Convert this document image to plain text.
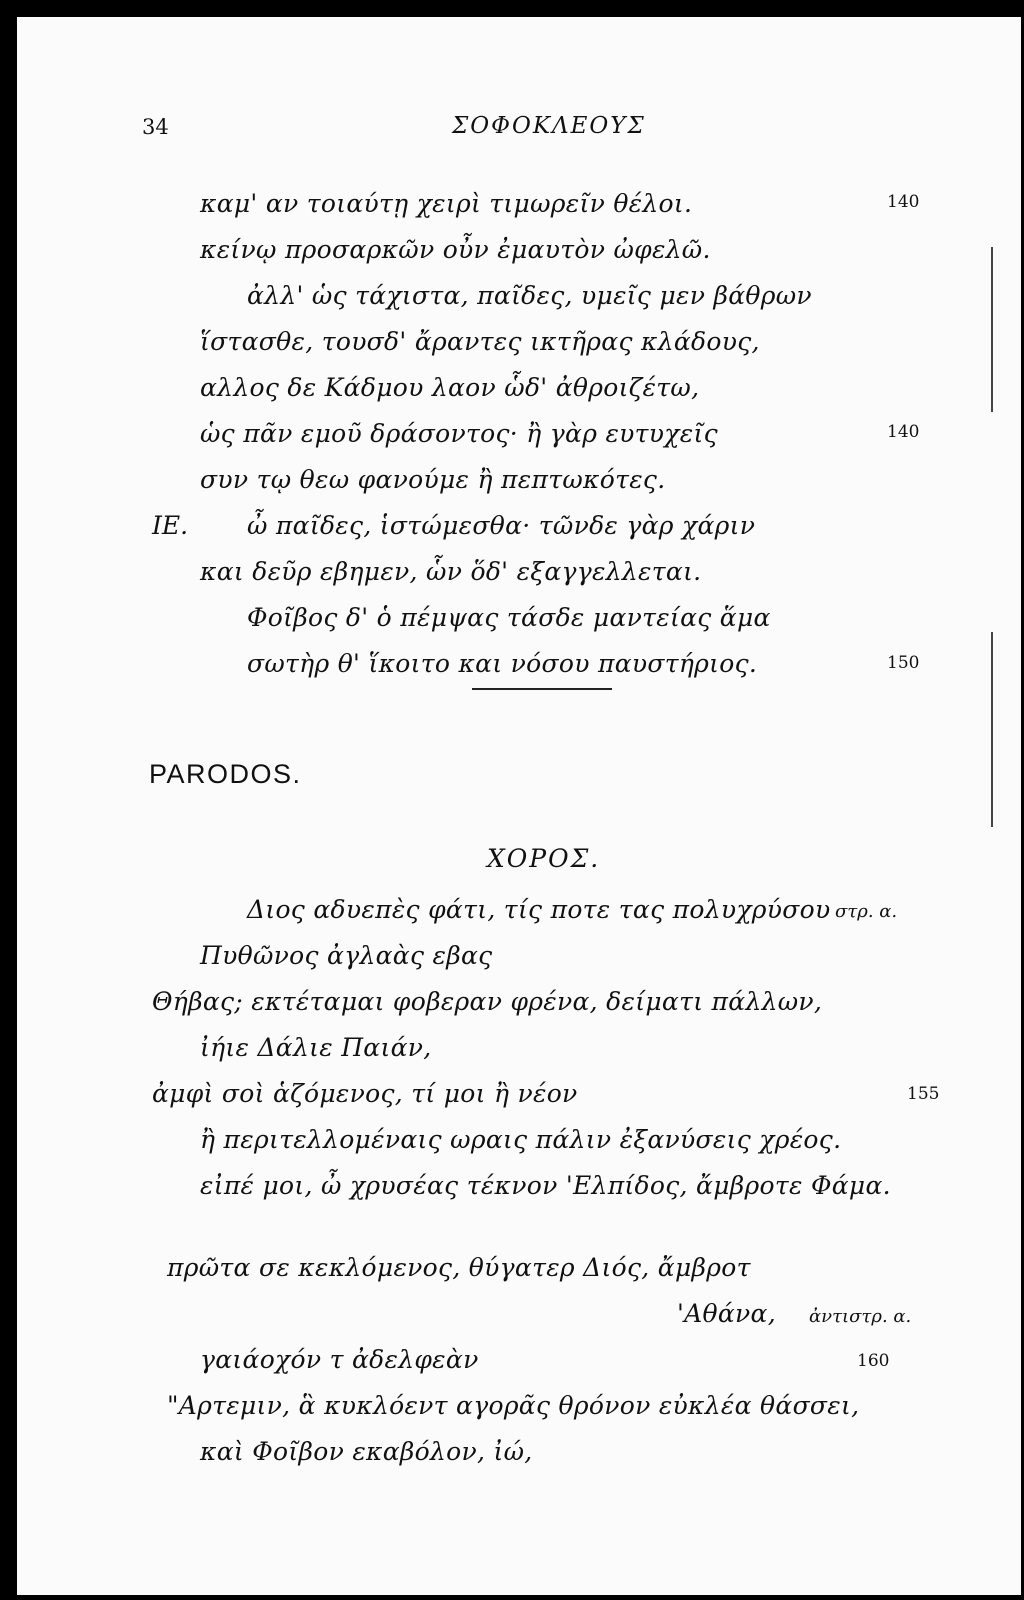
34	ΣΟΦΟΚΛΕΟΥΣ
καμ' αν τοιαύτῃ χειρὶ τιμωρεῖν θέλοι.	140
κείνῳ προσαρκῶν οὖν ἐμαυτὸν ὠφελῶ.
ἀλλ' ὡς τάχιστα, παῖδες, υμεῖς μεν βάθρων
ἵστασθε, τουσδ' ἄραντες ικτῆρας κλάδους,
αλλος δε Κάδμου λαον ὧδ' ἀθροιζέτω,
ὡς πᾶν εμοῦ δράσοντος· ἢ γὰρ ευτυχεῖς	140
συν τῳ θεω φανούμε ἢ πεπτωκότες.
IE. ὦ παῖδες, ἱστώμεσθα· τῶνδε γὰρ χάριν
και δεῦρ εβημεν, ὧν ὅδ' εξαγγελλεται.
Φοῖβος δ' ὁ πέμψας τάσδε μαντείας ἅμα
σωτὴρ θ' ἵκοιτο και νόσου παυστήριος.	150
PARODOS.
ΧΟΡΟΣ.
Διος αδυεπὲς φάτι, τίς ποτε τας πολυχρύσου στρ. α.
Πυθῶνος ἀγλαὰς εβας
Θήβας; εκτέταμαι φοβεραν φρένα, δείματι πάλλων,
ἰήιε Δάλιε Παιάν,
ἀμφὶ σοὶ ἁζόμενος, τί μοι ἢ νέον	155
ἢ περιτελλομέναις ωραις πάλιν ἐξανύσεις χρέος.
εἰπέ μοι, ὦ χρυσέας τέκνον 'Ελπίδος, ἄμβροτε Φάμα.
πρῶτα σε κεκλόμενος, θύγατερ Διός, ἄμβροτ
'Αθάνα, ἀντιστρ. α.
γαιάοχόν τ ἀδελφεὰν	160
"Αρτεμιν, ἃ κυκλόεντ αγορᾶς θρόνον εὐκλέα θάσσει,
καὶ Φοῖβον εκαβόλον, ἰώ,
